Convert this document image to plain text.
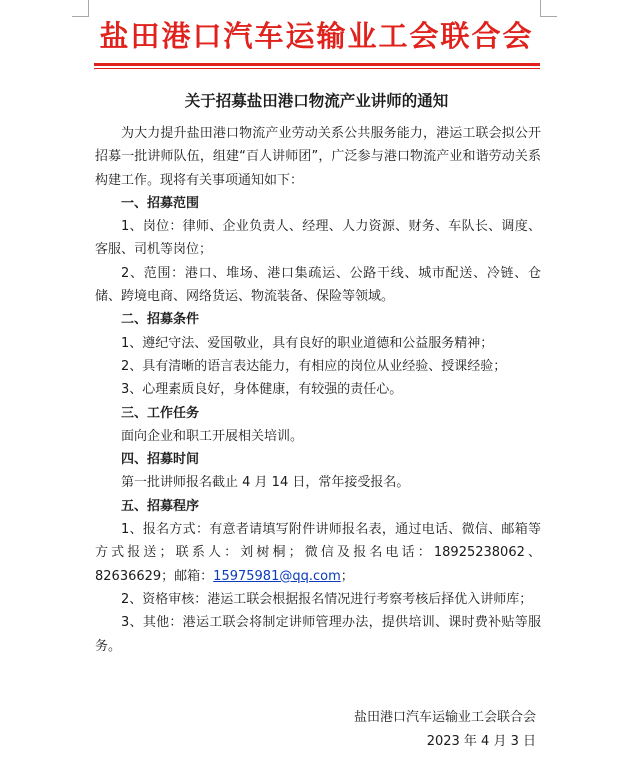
盐田港口汽车运输业工会联合会
关于招募盐田港口物流产业讲师的通知

为大力提升盐田港口物流产业劳动关系公共服务能力，港运工联会拟公开招募一批讲师队伍，组建“百人讲师团”，广泛参与港口物流产业和谐劳动关系构建工作。现将有关事项通知如下：

一、招募范围

1、岗位：律师、企业负责人、经理、人力资源、财务、车队长、调度、客服、司机等岗位；

2、范围：港口、堆场、港口集疏运、公路干线、城市配送、冷链、仓储、跨境电商、网络货运、物流装备、保险等领域。

二、招募条件

1、遵纪守法、爱国敬业，具有良好的职业道德和公益服务精神；

2、具有清晰的语言表达能力，有相应的岗位从业经验、授课经验；

3、心理素质良好，身体健康，有较强的责任心。

三、工作任务

面向企业和职工开展相关培训。

四、招募时间

第一批讲师报名截止 4 月 14 日，常年接受报名。

五、招募程序

1、报名方式：有意者请填写附件讲师报名表，通过电话、微信、邮箱等方式报送；联系人：刘树桐；微信及报名电话：18925238062、82636629；邮箱：15975981@qq.com；

2、资格审核：港运工联会根据报名情况进行考察考核后择优入讲师库；

3、其他：港运工联会将制定讲师管理办法，提供培训、课时费补贴等服务。

盐田港口汽车运输业工会联合会
2023 年 4 月 3 日
